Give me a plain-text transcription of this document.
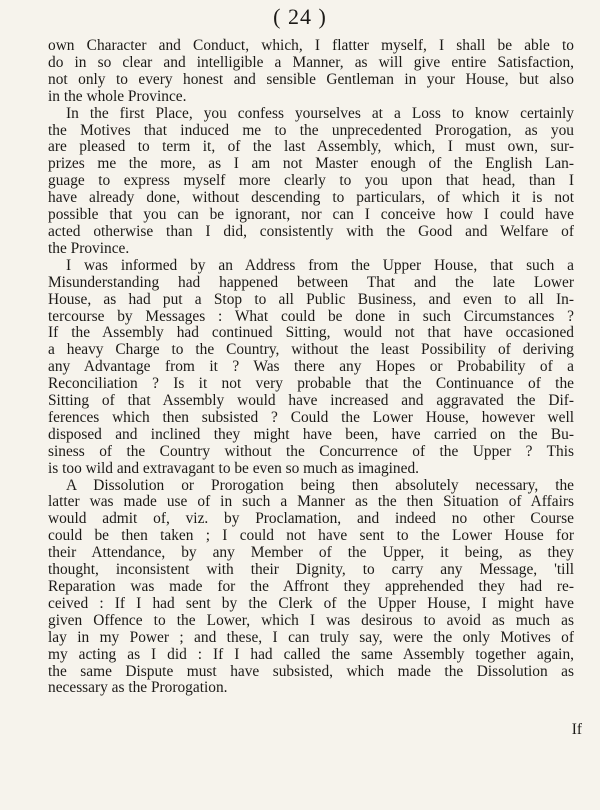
( 24 )
own Character and Conduct, which, I flatter myself, I shall be able to
do in so clear and intelligible a Manner, as will give entire Satisfaction,
not only to every honest and sensible Gentleman in your House, but also
in the whole Province.
In the first Place, you confess yourselves at a Loss to know certainly
the Motives that induced me to the unprecedented Prorogation, as you
are pleased to term it, of the last Assembly, which, I must own, sur-
prizes me the more, as I am not Master enough of the English Lan-
guage to express myself more clearly to you upon that head, than I
have already done, without descending to particulars, of which it is not
possible that you can be ignorant, nor can I conceive how I could have
acted otherwise than I did, consistently with the Good and Welfare of
the Province.
I was informed by an Address from the Upper House, that such a
Misunderstanding had happened between That and the late Lower
House, as had put a Stop to all Public Business, and even to all In-
tercourse by Messages : What could be done in such Circumstances ?
If the Assembly had continued Sitting, would not that have occasioned
a heavy Charge to the Country, without the least Possibility of deriving
any Advantage from it ? Was there any Hopes or Probability of a
Reconciliation ? Is it not very probable that the Continuance of the
Sitting of that Assembly would have increased and aggravated the Dif-
ferences which then subsisted ? Could the Lower House, however well
disposed and inclined they might have been, have carried on the Bu-
siness of the Country without the Concurrence of the Upper ? This
is too wild and extravagant to be even so much as imagined.
A Dissolution or Prorogation being then absolutely necessary, the
latter was made use of in such a Manner as the then Situation of Affairs
would admit of, viz. by Proclamation, and indeed no other Course
could be then taken ; I could not have sent to the Lower House for
their Attendance, by any Member of the Upper, it being, as they
thought, inconsistent with their Dignity, to carry any Message, 'till
Reparation was made for the Affront they apprehended they had re-
ceived : If I had sent by the Clerk of the Upper House, I might have
given Offence to the Lower, which I was desirous to avoid as much as
lay in my Power ; and these, I can truly say, were the only Motives of
my acting as I did : If I had called the same Assembly together again,
the same Dispute must have subsisted, which made the Dissolution as
necessary as the Prorogation.
If
